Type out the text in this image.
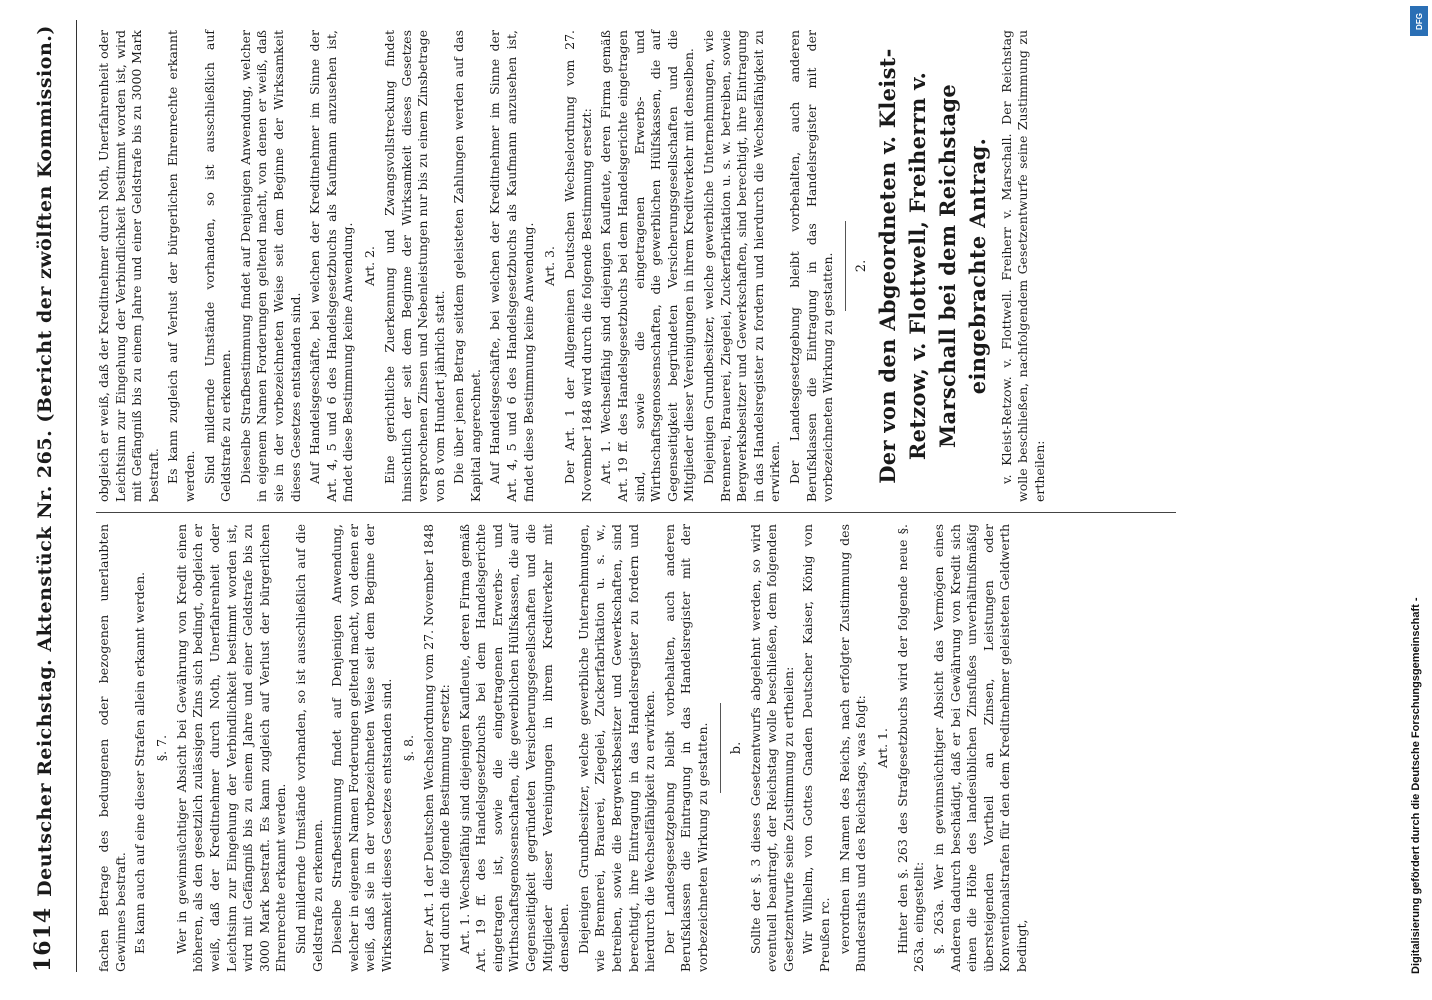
1614
Deutscher Reichstag. Aktenstück Nr. 265. (Bericht der zwölften Kommission.)	fachen Betrage des bedungenen oder bezogenen unerlaubten Gewinnes bestraft. Es kann auch auf eine dieser Strafen allein erkannt werden. §. 7. Wer in gewinnsüchtiger Absicht bei Gewährung von Kredit einen höheren, als den gesetzlich zulässigen Zins sich bedingt, obgleich er weiß, daß der Kreditnehmer durch Noth, Unerfahrenheit oder Leichtsinn zur Eingehung der Verbindlichkeit bestimmt worden ist, wird mit Gefängniß bis zu einem Jahre und einer Geldstrafe bis zu 3000 Mark bestraft. Es kann zugleich auf Verlust der bürgerlichen Ehrenrechte erkannt werden. Sind mildernde Umstände vorhanden, so ist ausschließlich auf die Geldstrafe zu erkennen. Dieselbe Strafbestimmung findet auf Denjenigen Anwendung, welcher in eigenem Namen Forderungen geltend macht, von denen er weiß, daß sie in der vorbezeichneten Weise seit dem Beginne der Wirksamkeit dieses Gesetzes entstanden sind. §. 8. Der Art. 1 der Deutschen Wechselordnung vom 27. November 1848 wird durch die folgende Bestimmung ersetzt: Art. 1. Wechselfähig sind diejenigen Kaufleute, deren Firma gemäß Art. 19 ff. des Handelsgesetzbuchs bei dem Handelsgerichte eingetragen ist, sowie die eingetragenen Erwerbs- und Wirthschaftsgenossenschaften, die gewerblichen Hülfskassen, die auf Gegenseitigkeit gegründeten Versicherungsgesellschaften und die Mitglieder dieser Vereinigungen in ihrem Kreditverkehr mit denselben. Diejenigen Grundbesitzer, welche gewerbliche Unternehmungen, wie Brennerei, Brauerei, Ziegelei, Zuckerfabrikation u. s. w., betreiben, sowie die Bergwerksbesitzer und Gewerkschaften, sind berechtigt, ihre Eintragung in das Handelsregister zu fordern und hierdurch die Wechselfähigkeit zu erwirken. Der Landesgesetzgebung bleibt vorbehalten, auch anderen Berufsklassen die Eintragung in das Handelsregister mit der vorbezeichneten Wirkung zu gestatten. b. Sollte der §. 3 dieses Gesetzentwurfs abgelehnt werden, so wird eventuell beantragt, der Reichstag wolle beschließen, dem folgenden Gesetzentwurfe seine Zustimmung zu ertheilen: Wir Wilhelm, von Gottes Gnaden Deutscher Kaiser, König von Preußen rc. verordnen im Namen des Reichs, nach erfolgter Zustimmung des Bundesraths und des Reichstags, was folgt: Art. 1. Hinter den §. 263 des Strafgesetzbuchs wird der folgende neue §. 263a. eingestellt: §. 263a. Wer in gewinnsüchtiger Absicht das Vermögen eines Anderen dadurch beschädigt, daß er bei Gewährung von Kredit sich einen die Höhe des landesüblichen Zinsfußes unverhältnißmäßig übersteigenden Vortheil an Zinsen, Leistungen oder Konventionalstrafen für den dem Kreditnehmer geleisteten Geldwerth bedingt,

obgleich er weiß, daß der Kreditnehmer durch Noth, Unerfahrenheit oder Leichtsinn zur Eingehung der Verbindlichkeit bestimmt worden ist, wird mit Gefängniß bis zu einem Jahre und einer Geldstrafe bis zu 3000 Mark bestraft. Es kann zugleich auf Verlust der bürgerlichen Ehrenrechte erkannt werden. Sind mildernde Umstände vorhanden, so ist ausschließlich auf Geldstrafe zu erkennen. Dieselbe Strafbestimmung findet auf Denjenigen Anwendung, welcher in eigenem Namen Forderungen geltend macht, von denen er weiß, daß sie in der vorbezeichneten Weise seit dem Beginne der Wirksamkeit dieses Gesetzes entstanden sind. Auf Handelsgeschäfte, bei welchen der Kreditnehmer im Sinne der Art. 4, 5 und 6 des Handelsgesetzbuchs als Kaufmann anzusehen ist, findet diese Bestimmung keine Anwendung. Art. 2. Eine gerichtliche Zuerkennung und Zwangsvollstreckung findet hinsichtlich der seit dem Beginne der Wirksamkeit dieses Gesetzes versprochenen Zinsen und Nebenleistungen nur bis zu einem Zinsbetrage von 8 vom Hundert jährlich statt. Die über jenen Betrag seitdem geleisteten Zahlungen werden auf das Kapital angerechnet. Auf Handelsgeschäfte, bei welchen der Kreditnehmer im Sinne der Art. 4, 5 und 6 des Handelsgesetzbuchs als Kaufmann anzusehen ist, findet diese Bestimmung keine Anwendung. Art. 3. Der Art. 1 der Allgemeinen Deutschen Wechselordnung vom 27. November 1848 wird durch die folgende Bestimmung ersetzt: Art. 1. Wechselfähig sind diejenigen Kaufleute, deren Firma gemäß Art. 19 ff. des Handelsgesetzbuchs bei dem Handelsgerichte eingetragen sind, sowie die eingetragenen Erwerbs- und Wirthschaftsgenossenschaften, die gewerblichen Hülfskassen, die auf Gegenseitigkeit begründeten Versicherungsgesellschaften und die Mitglieder dieser Vereinigungen in ihrem Kreditverkehr mit denselben. Diejenigen Grundbesitzer, welche gewerbliche Unternehmungen, wie Brennerei, Brauerei, Ziegelei, Zuckerfabrikation u. s. w. betreiben, sowie Bergwerksbesitzer und Gewerkschaften, sind berechtigt, ihre Eintragung in das Handelsregister zu fordern und hierdurch die Wechselfähigkeit zu erwirken. Der Landesgesetzgebung bleibt vorbehalten, auch anderen Berufsklassen die Eintragung in das Handelsregister mit der vorbezeichneten Wirkung zu gestatten. 2. Der von den Abgeordneten v. Kleist-Retzow, v. Flottwell, Freiherrn v. Marschall bei dem Reichstage eingebrachte Antrag. v. Kleist-Retzow. v. Flottwell. Freiherr v. Marschall. Der Reichstag wolle beschließen, nachfolgendem Gesetzentwurfe seine Zustimmung zu ertheilen:

Digitalisierung gefördert durch die Deutsche Forschungsgemeinschaft -
DFG
